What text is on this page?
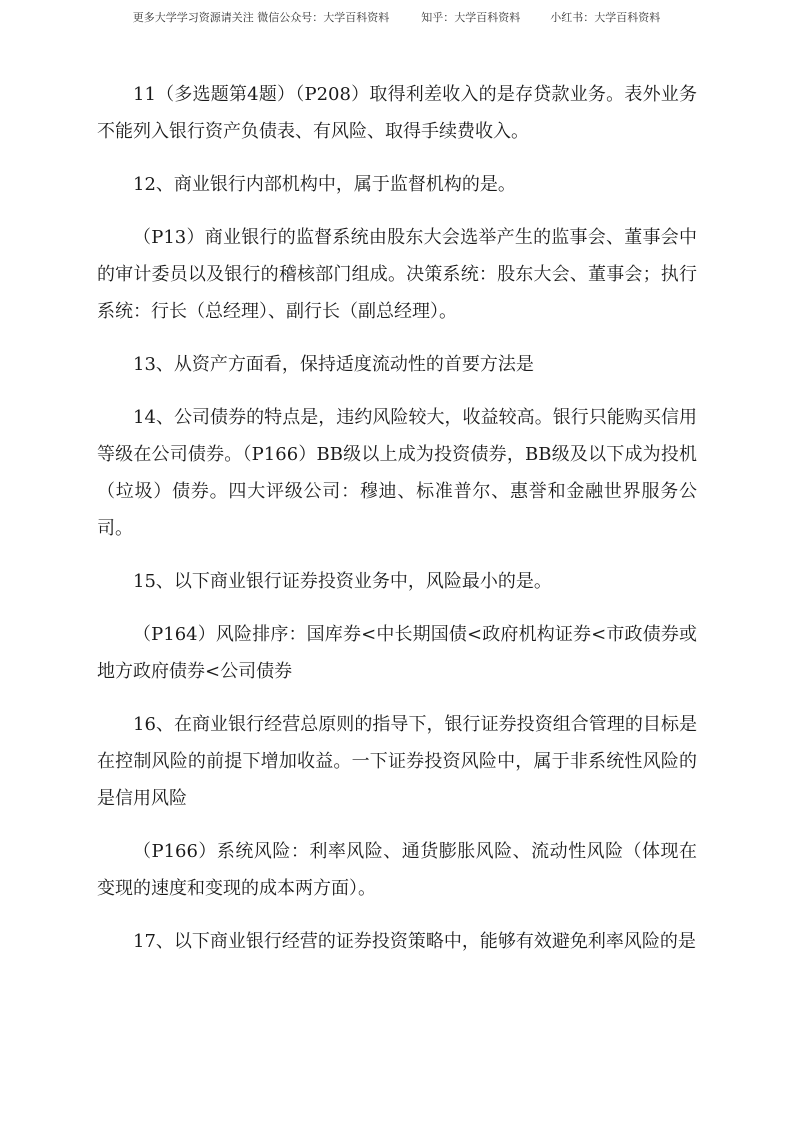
更多大学学习资源请关注 微信公众号：大学百科资料	知乎：大学百科资料	小红书：大学百科资料

11（多选题第4题）（P208）取得利差收入的是存贷款业务。表外业务不能列入银行资产负债表、有风险、取得手续费收入。

12、商业银行内部机构中，属于监督机构的是。

（P13）商业银行的监督系统由股东大会选举产生的监事会、董事会中的审计委员以及银行的稽核部门组成。决策系统：股东大会、董事会；执行系统：行长（总经理）、副行长（副总经理）。

13、从资产方面看，保持适度流动性的首要方法是

14、公司债券的特点是，违约风险较大，收益较高。银行只能购买信用等级在公司债券。（P166）BB级以上成为投资债券，BB级及以下成为投机（垃圾）债券。四大评级公司：穆迪、标准普尔、惠誉和金融世界服务公司。

15、以下商业银行证券投资业务中，风险最小的是。

（P164）风险排序：国库券<中长期国债<政府机构证券<市政债券或地方政府债券<公司债券

16、在商业银行经营总原则的指导下，银行证券投资组合管理的目标是在控制风险的前提下增加收益。一下证券投资风险中，属于非系统性风险的是信用风险

（P166）系统风险：利率风险、通货膨胀风险、流动性风险（体现在变现的速度和变现的成本两方面）。

17、以下商业银行经营的证券投资策略中，能够有效避免利率风险的是
